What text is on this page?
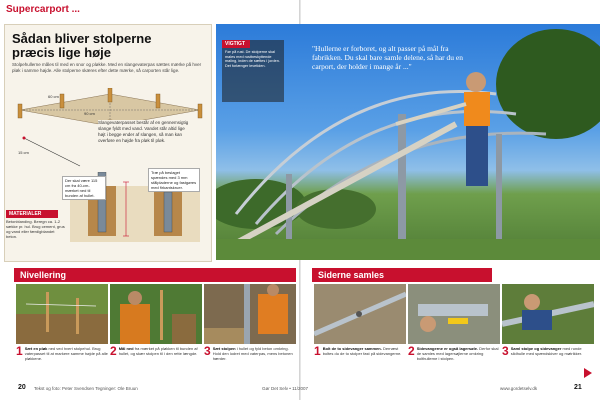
Supercarport ...
Sådan bliver stolperne
præcis lige høje
Stolpehullerne måles til med en snor og pløkke. Med en slangevaterpas sættes mærke på hver pløk i samme højde. Alle stolperne skæres efter dette mærke, så carporten står lige.
90 cm
60 cm
15 cm
Slangevaterpasset består af en gennemsigtig slange fyldt med vand. Vandet står altid lige højt i begge ender af slangen, så man kan overføre en højde fra pløk til pløk.
Der skal være 115 cm fra 40-cm-mærket ned til bunden af hullet.
Træ på beslaget spændes med 3 mm stålpladerne og fastgøres med firkantskruer.
MATERIALER
Betonblanding. Beregn ca. 1-2 sække pr. hul. Brug cement, grus og vand eller færdigblandet beton.
VIGTIGT
Før på rust. De stolperne skal males med rustbeskyttende maling, inden de sættes i jorden. Det forlænger levetiden.
"Hullerne er forboret, og alt passer på mål fra fabrikken. Du skal bare samle delene, så har du en carport, der holder i mange år ..."
Nivellering
1 Sæt en pløk ned ved hvert stolpehul. Brug vaterpasset til at markere samme højde på alle pløkkene.
2 Mål ned fra mærket på pløkken til bunden af hullet, og skær stolpen til i den rette længde. 3 Sæt stolpen i hullet og fyld beton omkring. Hold den lodret med vaterpas, mens betonen hærder.
Siderne samles
1 Bolt de to sidevanger sammen. Dernæst boltes du de to stolper fast på sidevangerne. 2 Sidevangerne er også lagersøle. Derfor skal de samles med lagersøjlerne omkring bolthullerne i stolpen.
3 Saml stolpe og sidevanger med runde slidhulle med spændskiver og møtrikker.
20 Tekst og foto: Peter Svendsen Tegninger: Ole Bruun	Gør Det Selv • 11/2007	www.gordetselv.dk	21
